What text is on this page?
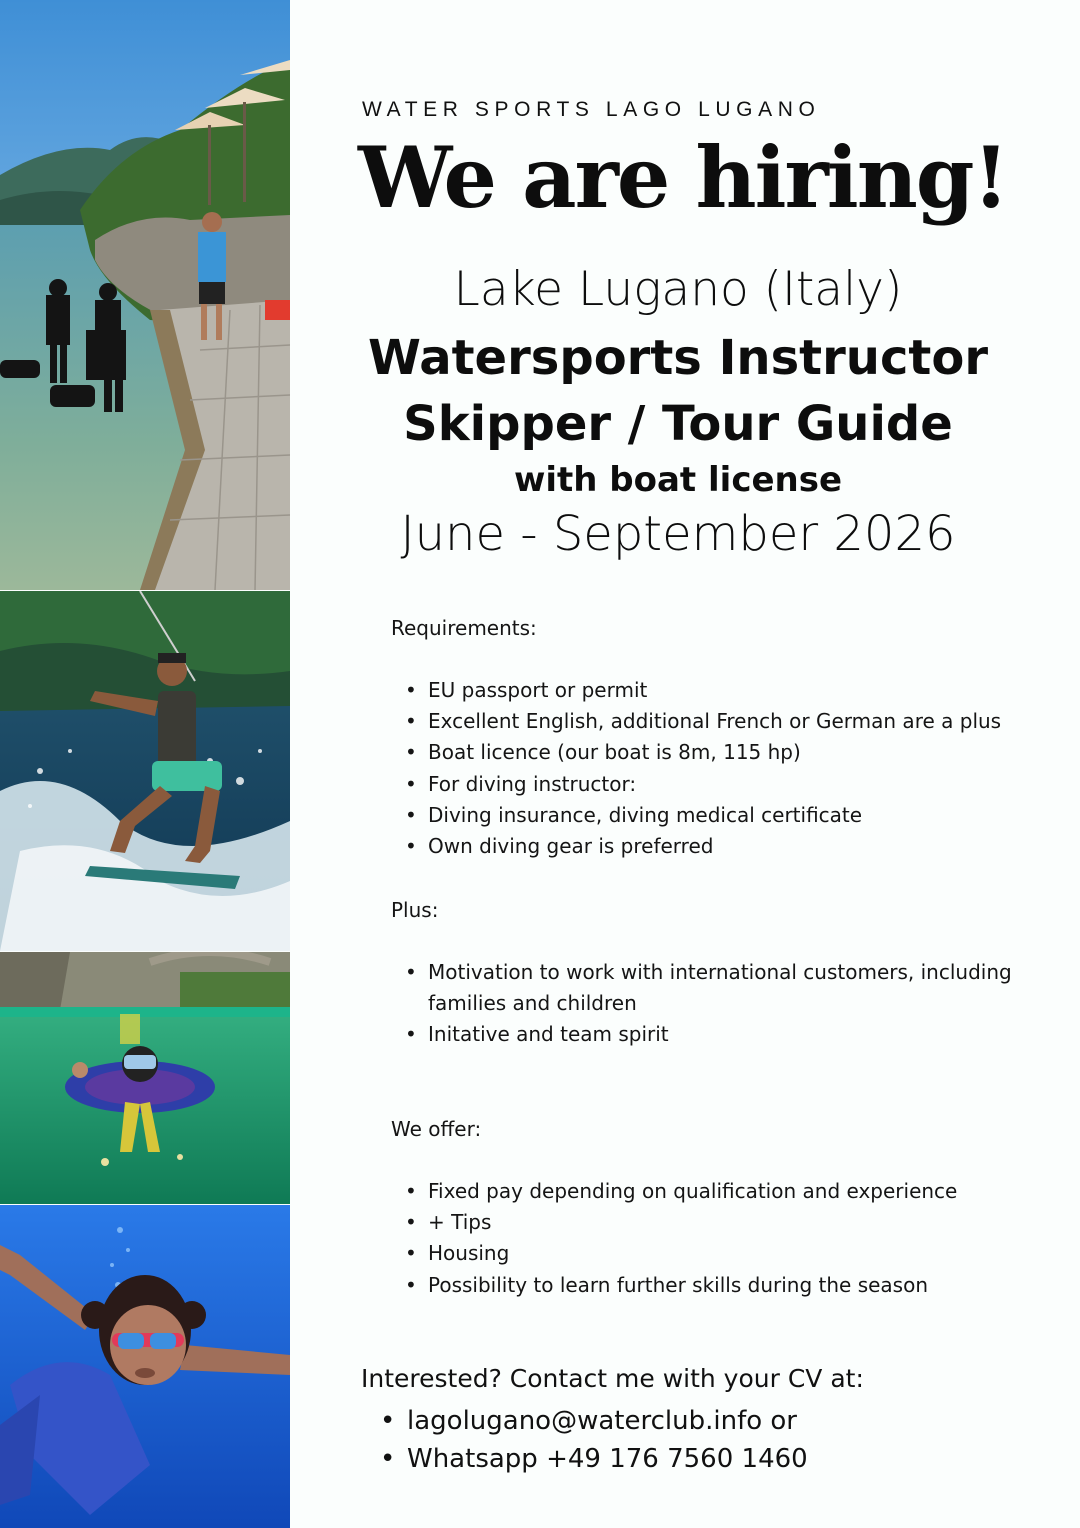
WATER SPORTS LAGO LUGANO
We are hiring!
Lake Lugano (Italy)
Watersports Instructor
Skipper / Tour Guide
with boat license
June - September 2026
Requirements:
• EU passport or permit
• Excellent English, additional French or German are a plus
• Boat licence (our boat is 8m, 115 hp)
• For diving instructor:
• Diving insurance, diving medical certificate
• Own diving gear is preferred
Plus:
• Motivation to work with international customers, including families and children
• Initative and team spirit
We offer:
• Fixed pay depending on qualification and experience
• + Tips
• Housing
• Possibility to learn further skills during the season
Interested? Contact me with your CV at:
• lagolugano@waterclub.info or
• Whatsapp +49 176 7560 1460
